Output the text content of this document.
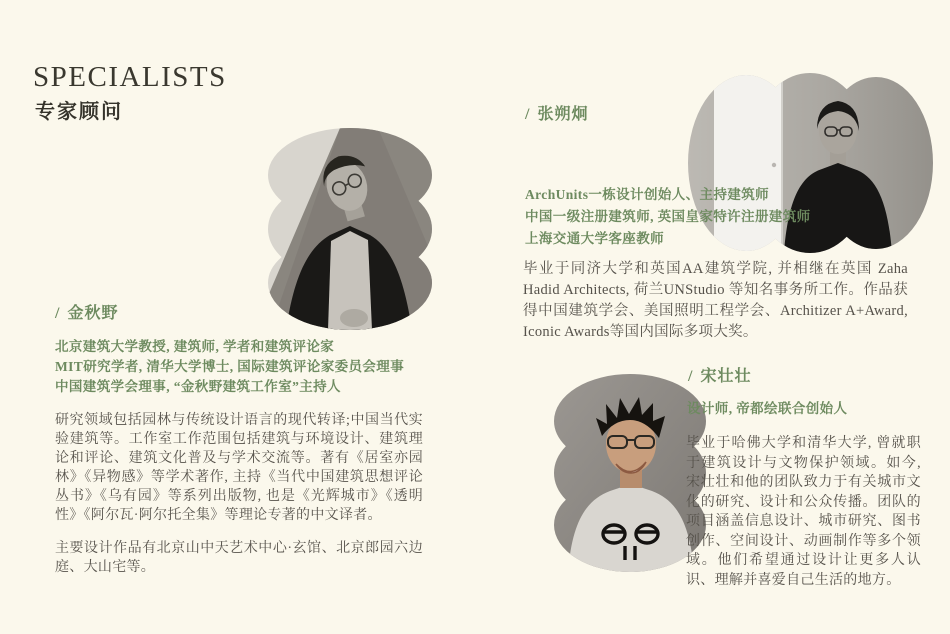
SPECIALISTS
专家顾问
/ 金秋野
北京建筑大学教授, 建筑师, 学者和建筑评论家
MIT研究学者, 清华大学博士, 国际建筑评论家委员会理事
中国建筑学会理事, “金秋野建筑工作室”主持人

研究领域包括园林与传统设计语言的现代转译;中国当代实验建筑等。工作室工作范围包括建筑与环境设计、建筑理论和评论、建筑文化普及与学术交流等。著有《居室亦园林》《异物感》等学术著作, 主持《当代中国建筑思想评论丛书》《乌有园》等系列出版物, 也是《光辉城市》《透明性》《阿尔瓦·阿尔托全集》等理论专著的中文译者。

主要设计作品有北京山中天艺术中心·玄馆、北京郎园六边庭、大山宅等。

/ 张朔炯
ArchUnits一栋设计创始人、主持建筑师
中国一级注册建筑师, 英国皇家特许注册建筑师
上海交通大学客座教师

毕业于同济大学和英国AA建筑学院, 并相继在英国 Zaha Hadid Architects, 荷兰UNStudio 等知名事务所工作。作品获得中国建筑学会、美国照明工程学会、Architizer A+Award, Iconic Awards等国内国际多项大奖。

/ 宋壮壮
设计师, 帝都绘联合创始人

毕业于哈佛大学和清华大学, 曾就职于建筑设计与文物保护领域。如今, 宋壮壮和他的团队致力于有关城市文化的研究、设计和公众传播。团队的项目涵盖信息设计、城市研究、图书创作、空间设计、动画制作等多个领域。他们希望通过设计让更多人认识、理解并喜爱自己生活的地方。
